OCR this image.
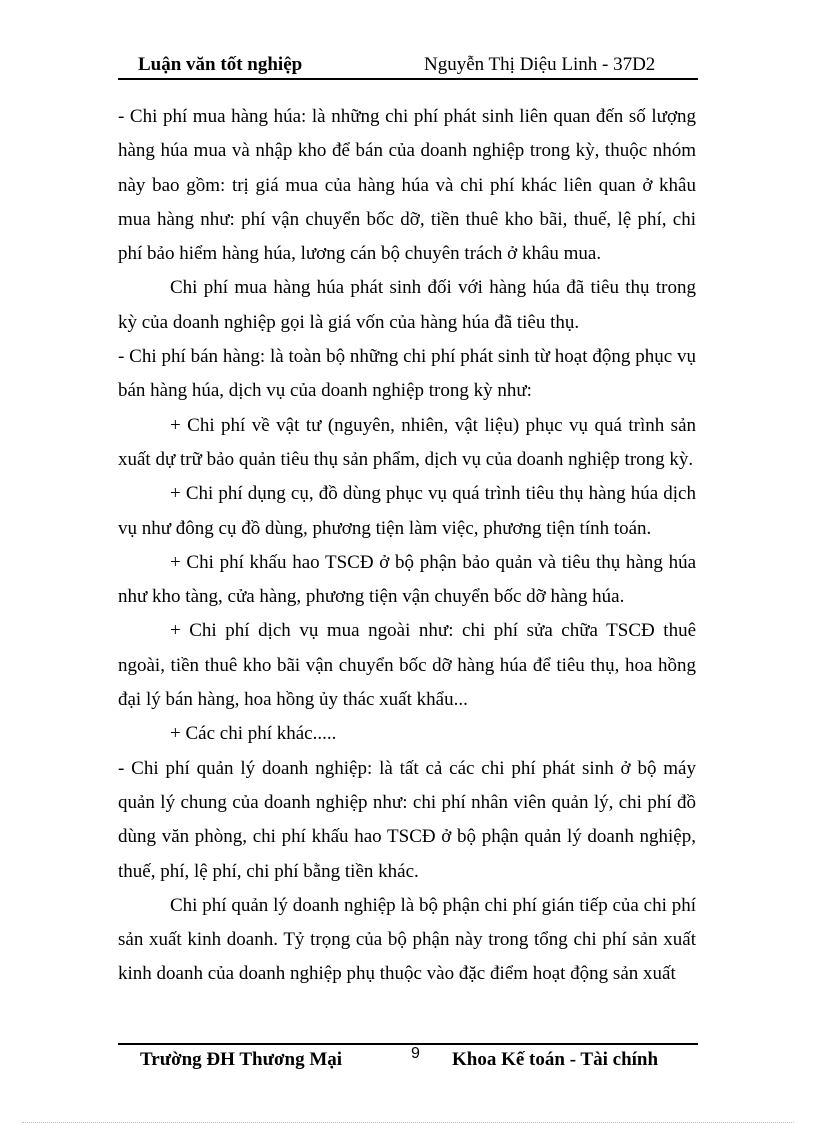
Luận văn tốt nghiệp	Nguyễn Thị Diệu Linh - 37D2

- Chi phí mua hàng húa: là những chi phí phát sinh liên quan đến số lượng hàng húa mua và nhập kho để bán của doanh nghiệp trong kỳ, thuộc nhóm này bao gồm: trị giá mua của hàng húa và chi phí khác liên quan ở khâu mua hàng như: phí vận chuyển bốc dỡ, tiền thuê kho bãi, thuế, lệ phí, chi phí bảo hiểm hàng húa, lương cán bộ chuyên trách ở khâu mua.

Chi phí mua hàng húa phát sinh đối với hàng húa đã tiêu thụ trong kỳ của doanh nghiệp gọi là giá vốn của hàng húa đã tiêu thụ.

- Chi phí bán hàng: là toàn bộ những chi phí phát sinh từ hoạt động phục vụ bán hàng húa, dịch vụ của doanh nghiệp trong kỳ như:

+ Chi phí về vật tư (nguyên, nhiên, vật liệu) phục vụ quá trình sản xuất dự trữ bảo quản tiêu thụ sản phẩm, dịch vụ của doanh nghiệp trong kỳ.

+ Chi phí dụng cụ, đồ dùng phục vụ quá trình tiêu thụ hàng húa dịch vụ như đông cụ đồ dùng, phương tiện làm việc, phương tiện tính toán.

+ Chi phí khấu hao TSCĐ ở bộ phận bảo quản và tiêu thụ hàng húa như kho tàng, cửa hàng, phương tiện vận chuyển bốc dỡ hàng húa.

+ Chi phí dịch vụ mua ngoài như: chi phí sửa chữa TSCĐ thuê ngoài, tiền thuê kho bãi vận chuyển bốc dỡ hàng húa để tiêu thụ, hoa hồng đại lý bán hàng, hoa hồng ủy thác xuất khẩu...

+ Các chi phí khác.....

- Chi phí quản lý doanh nghiệp: là tất cả các chi phí phát sinh ở bộ máy quản lý chung của doanh nghiệp như: chi phí nhân viên quản lý, chi phí đồ dùng văn phòng, chi phí khấu hao TSCĐ ở bộ phận quản lý doanh nghiệp, thuế, phí, lệ phí, chi phí bằng tiền khác.

Chi phí quản lý doanh nghiệp là bộ phận chi phí gián tiếp của chi phí sản xuất kinh doanh. Tỷ trọng của bộ phận này trong tổng chi phí sản xuất kinh doanh của doanh nghiệp phụ thuộc vào đặc điểm hoạt động sản xuất

Trường ĐH Thương Mại	9 Khoa Kế toán - Tài chính
